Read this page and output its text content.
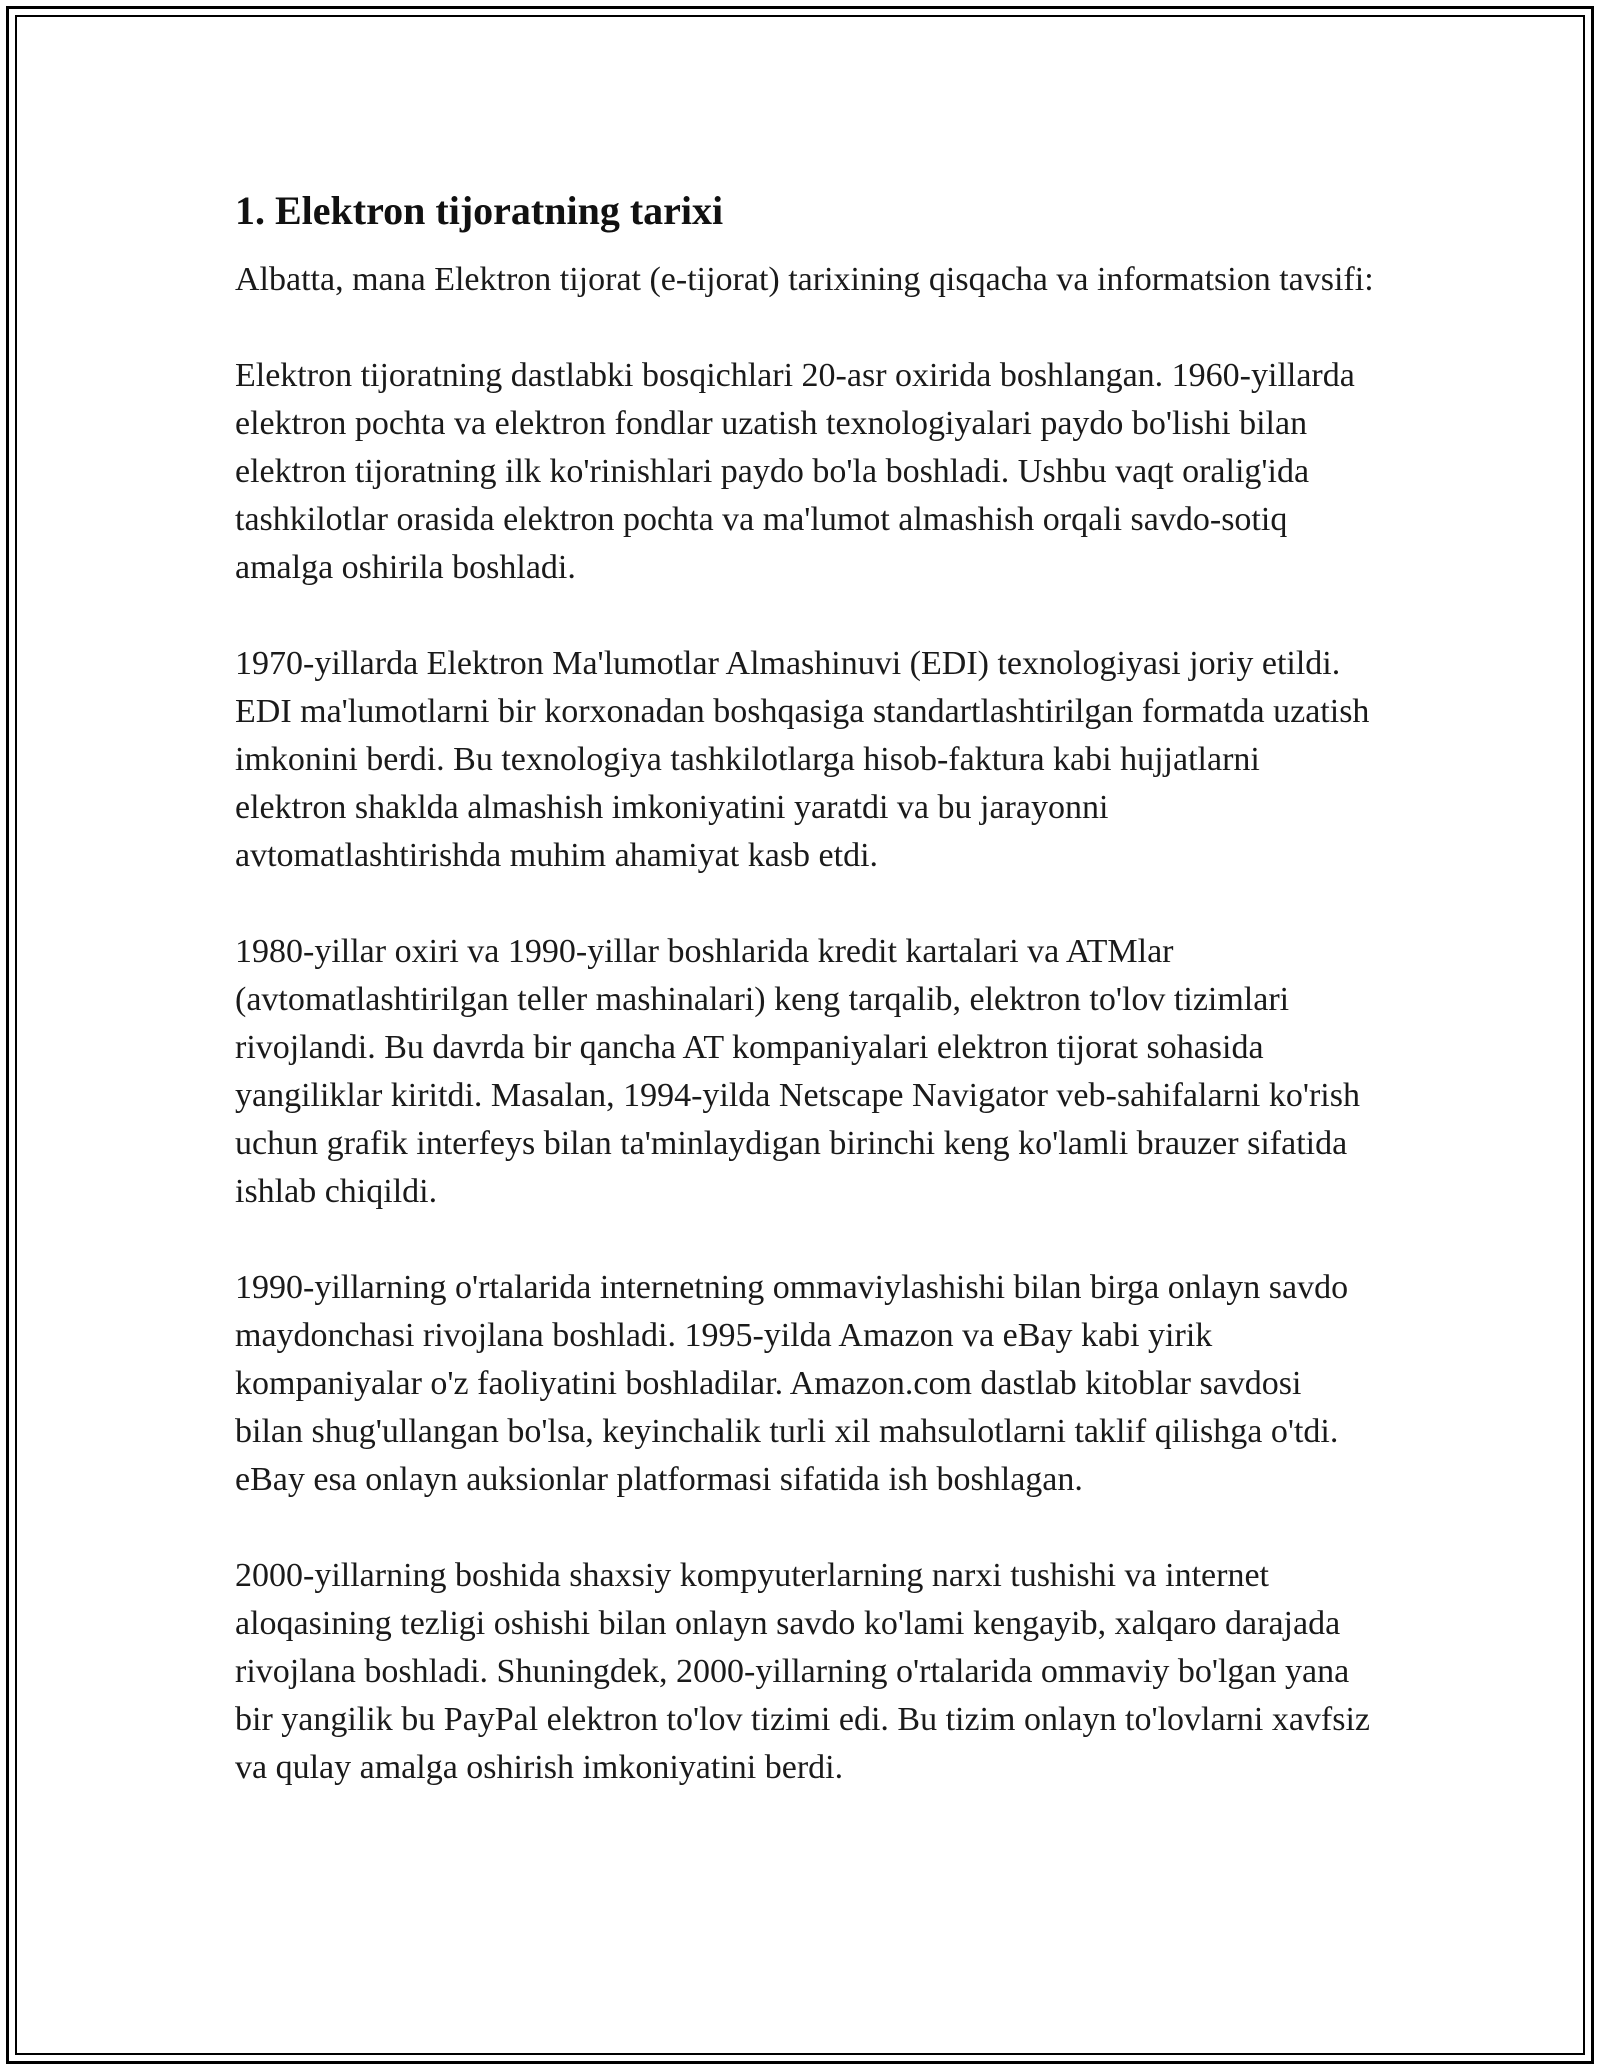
1. Elektron tijoratning tarixi

Albatta, mana Elektron tijorat (e-tijorat) tarixining qisqacha va informatsion tavsifi:

Elektron tijoratning dastlabki bosqichlari 20-asr oxirida boshlangan. 1960-yillarda elektron pochta va elektron fondlar uzatish texnologiyalari paydo bo'lishi bilan elektron tijoratning ilk ko'rinishlari paydo bo'la boshladi. Ushbu vaqt oralig'ida tashkilotlar orasida elektron pochta va ma'lumot almashish orqali savdo-sotiq amalga oshirila boshladi.

1970-yillarda Elektron Ma'lumotlar Almashinuvi (EDI) texnologiyasi joriy etildi. EDI ma'lumotlarni bir korxonadan boshqasiga standartlashtirilgan formatda uzatish imkonini berdi. Bu texnologiya tashkilotlarga hisob-faktura kabi hujjatlarni elektron shaklda almashish imkoniyatini yaratdi va bu jarayonni avtomatlashtirishda muhim ahamiyat kasb etdi.

1980-yillar oxiri va 1990-yillar boshlarida kredit kartalari va ATMlar (avtomatlashtirilgan teller mashinalari) keng tarqalib, elektron to'lov tizimlari rivojlandi. Bu davrda bir qancha AT kompaniyalari elektron tijorat sohasida yangiliklar kiritdi. Masalan, 1994-yilda Netscape Navigator veb-sahifalarni ko'rish uchun grafik interfeys bilan ta'minlaydigan birinchi keng ko'lamli brauzer sifatida ishlab chiqildi.

1990-yillarning o'rtalarida internetning ommaviylashishi bilan birga onlayn savdo maydonchasi rivojlana boshladi. 1995-yilda Amazon va eBay kabi yirik kompaniyalar o'z faoliyatini boshladilar. Amazon.com dastlab kitoblar savdosi bilan shug'ullangan bo'lsa, keyinchalik turli xil mahsulotlarni taklif qilishga o'tdi. eBay esa onlayn auksionlar platformasi sifatida ish boshlagan.

2000-yillarning boshida shaxsiy kompyuterlarning narxi tushishi va internet aloqasining tezligi oshishi bilan onlayn savdo ko'lami kengayib, xalqaro darajada rivojlana boshladi. Shuningdek, 2000-yillarning o'rtalarida ommaviy bo'lgan yana bir yangilik bu PayPal elektron to'lov tizimi edi. Bu tizim onlayn to'lovlarni xavfsiz va qulay amalga oshirish imkoniyatini berdi.
